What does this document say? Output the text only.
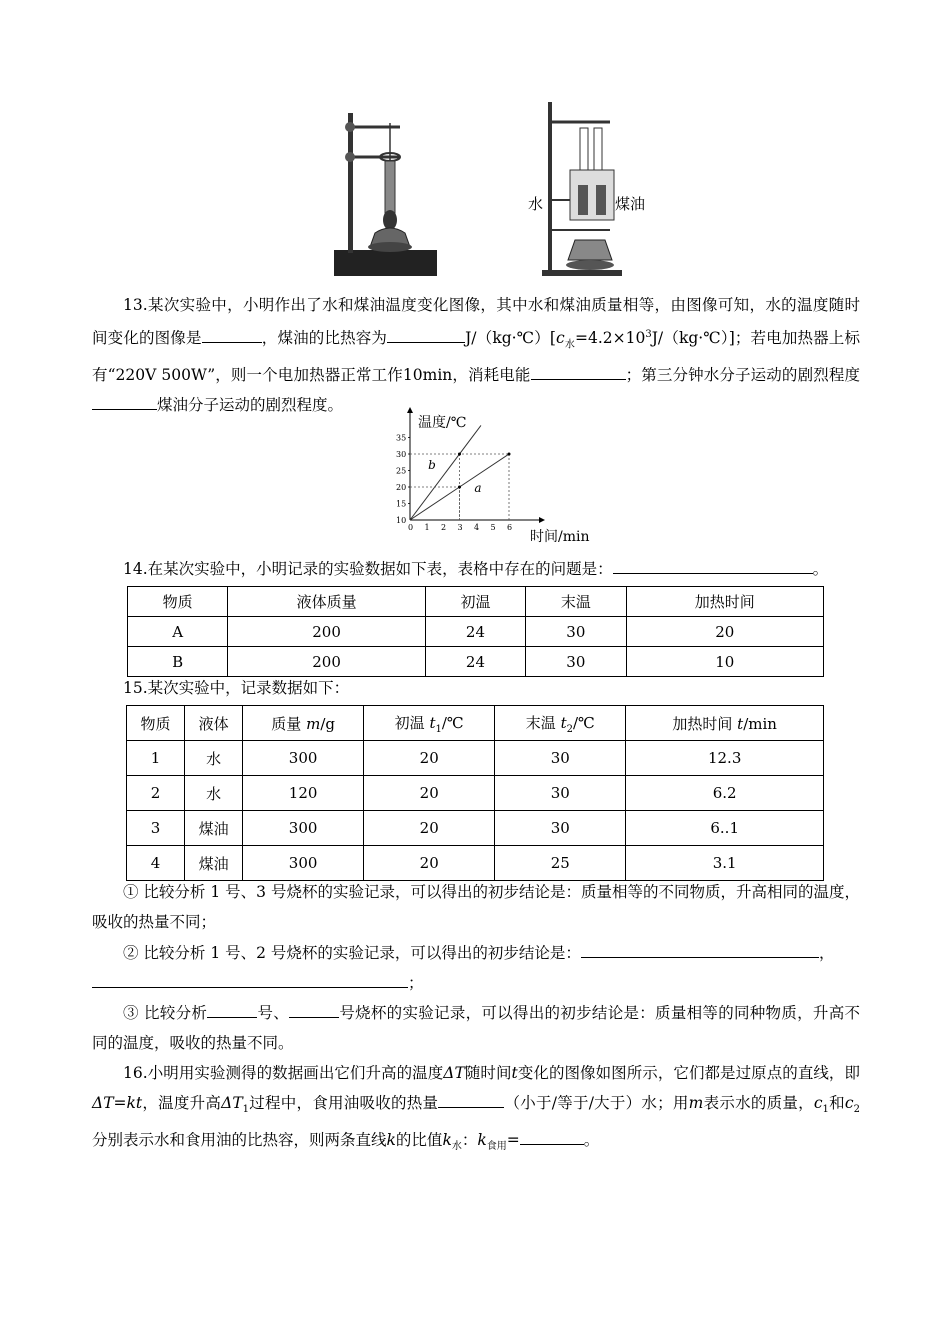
水	煤油
13.某次实验中，小明作出了水和煤油温度变化图像，其中水和煤油质量相等，由图像可知，水的温度随时间变化的图像是	，煤油的比热容为	$J/(kg\cdot℃)[c_水=4.2\times 10^3J/(kg\cdot℃)]$；若电加热器上标有“220V 500W”，则一个电加热器正常工作10min，消耗电能	；第三分钟水分子运动的剧烈程度煤油分子运动的剧烈程度。
温度/℃
时间/min
0 1 2 3 4 5 6
10
15
20
25
30
35
b
a
14.在某次实验中，小明记录的实验数据如下表，表格中存在的问题是：	。
物质	液体质量	初温	末温	加热时间
A	200	24	30	20
B	200	24	30	10
15.某次实验中，记录数据如下：
物质	液体	质量 m/g	初温 $t_1/℃$	末温 $t_2/℃$	加热时间 t/min
1	水	300	20	30	12.3
2	水	120	20	30	6.2
3	煤油	300	20	30	6..1
4	煤油	300	20	25	3.1
① 比较分析 1 号、3 号烧杯的实验记录，可以得出的初步结论是：质量相等的不同物质，升高相同的温度，吸收的热量不同；
② 比较分析 1 号、2 号烧杯的实验记录，可以得出的初步结论是：	，
；
③ 比较分析	号、	号烧杯的实验记录，可以得出的初步结论是：质量相等的同种物质，升高不同的温度，吸收的热量不同。
16.小明用实验测得的数据画出它们升高的温度ΔT随时间t变化的图像如图所示，它们都是过原点的直线，即ΔT=kt，温度升高$\Delta T_1$过程中，食用油吸收的热量	（小于/等于/大于）水；用m表示水的质量，$c_1$和$c_2$分别表示水和食用油的比热容，则两条直线k的比值$k_水$：$k_{食用}=$	。
